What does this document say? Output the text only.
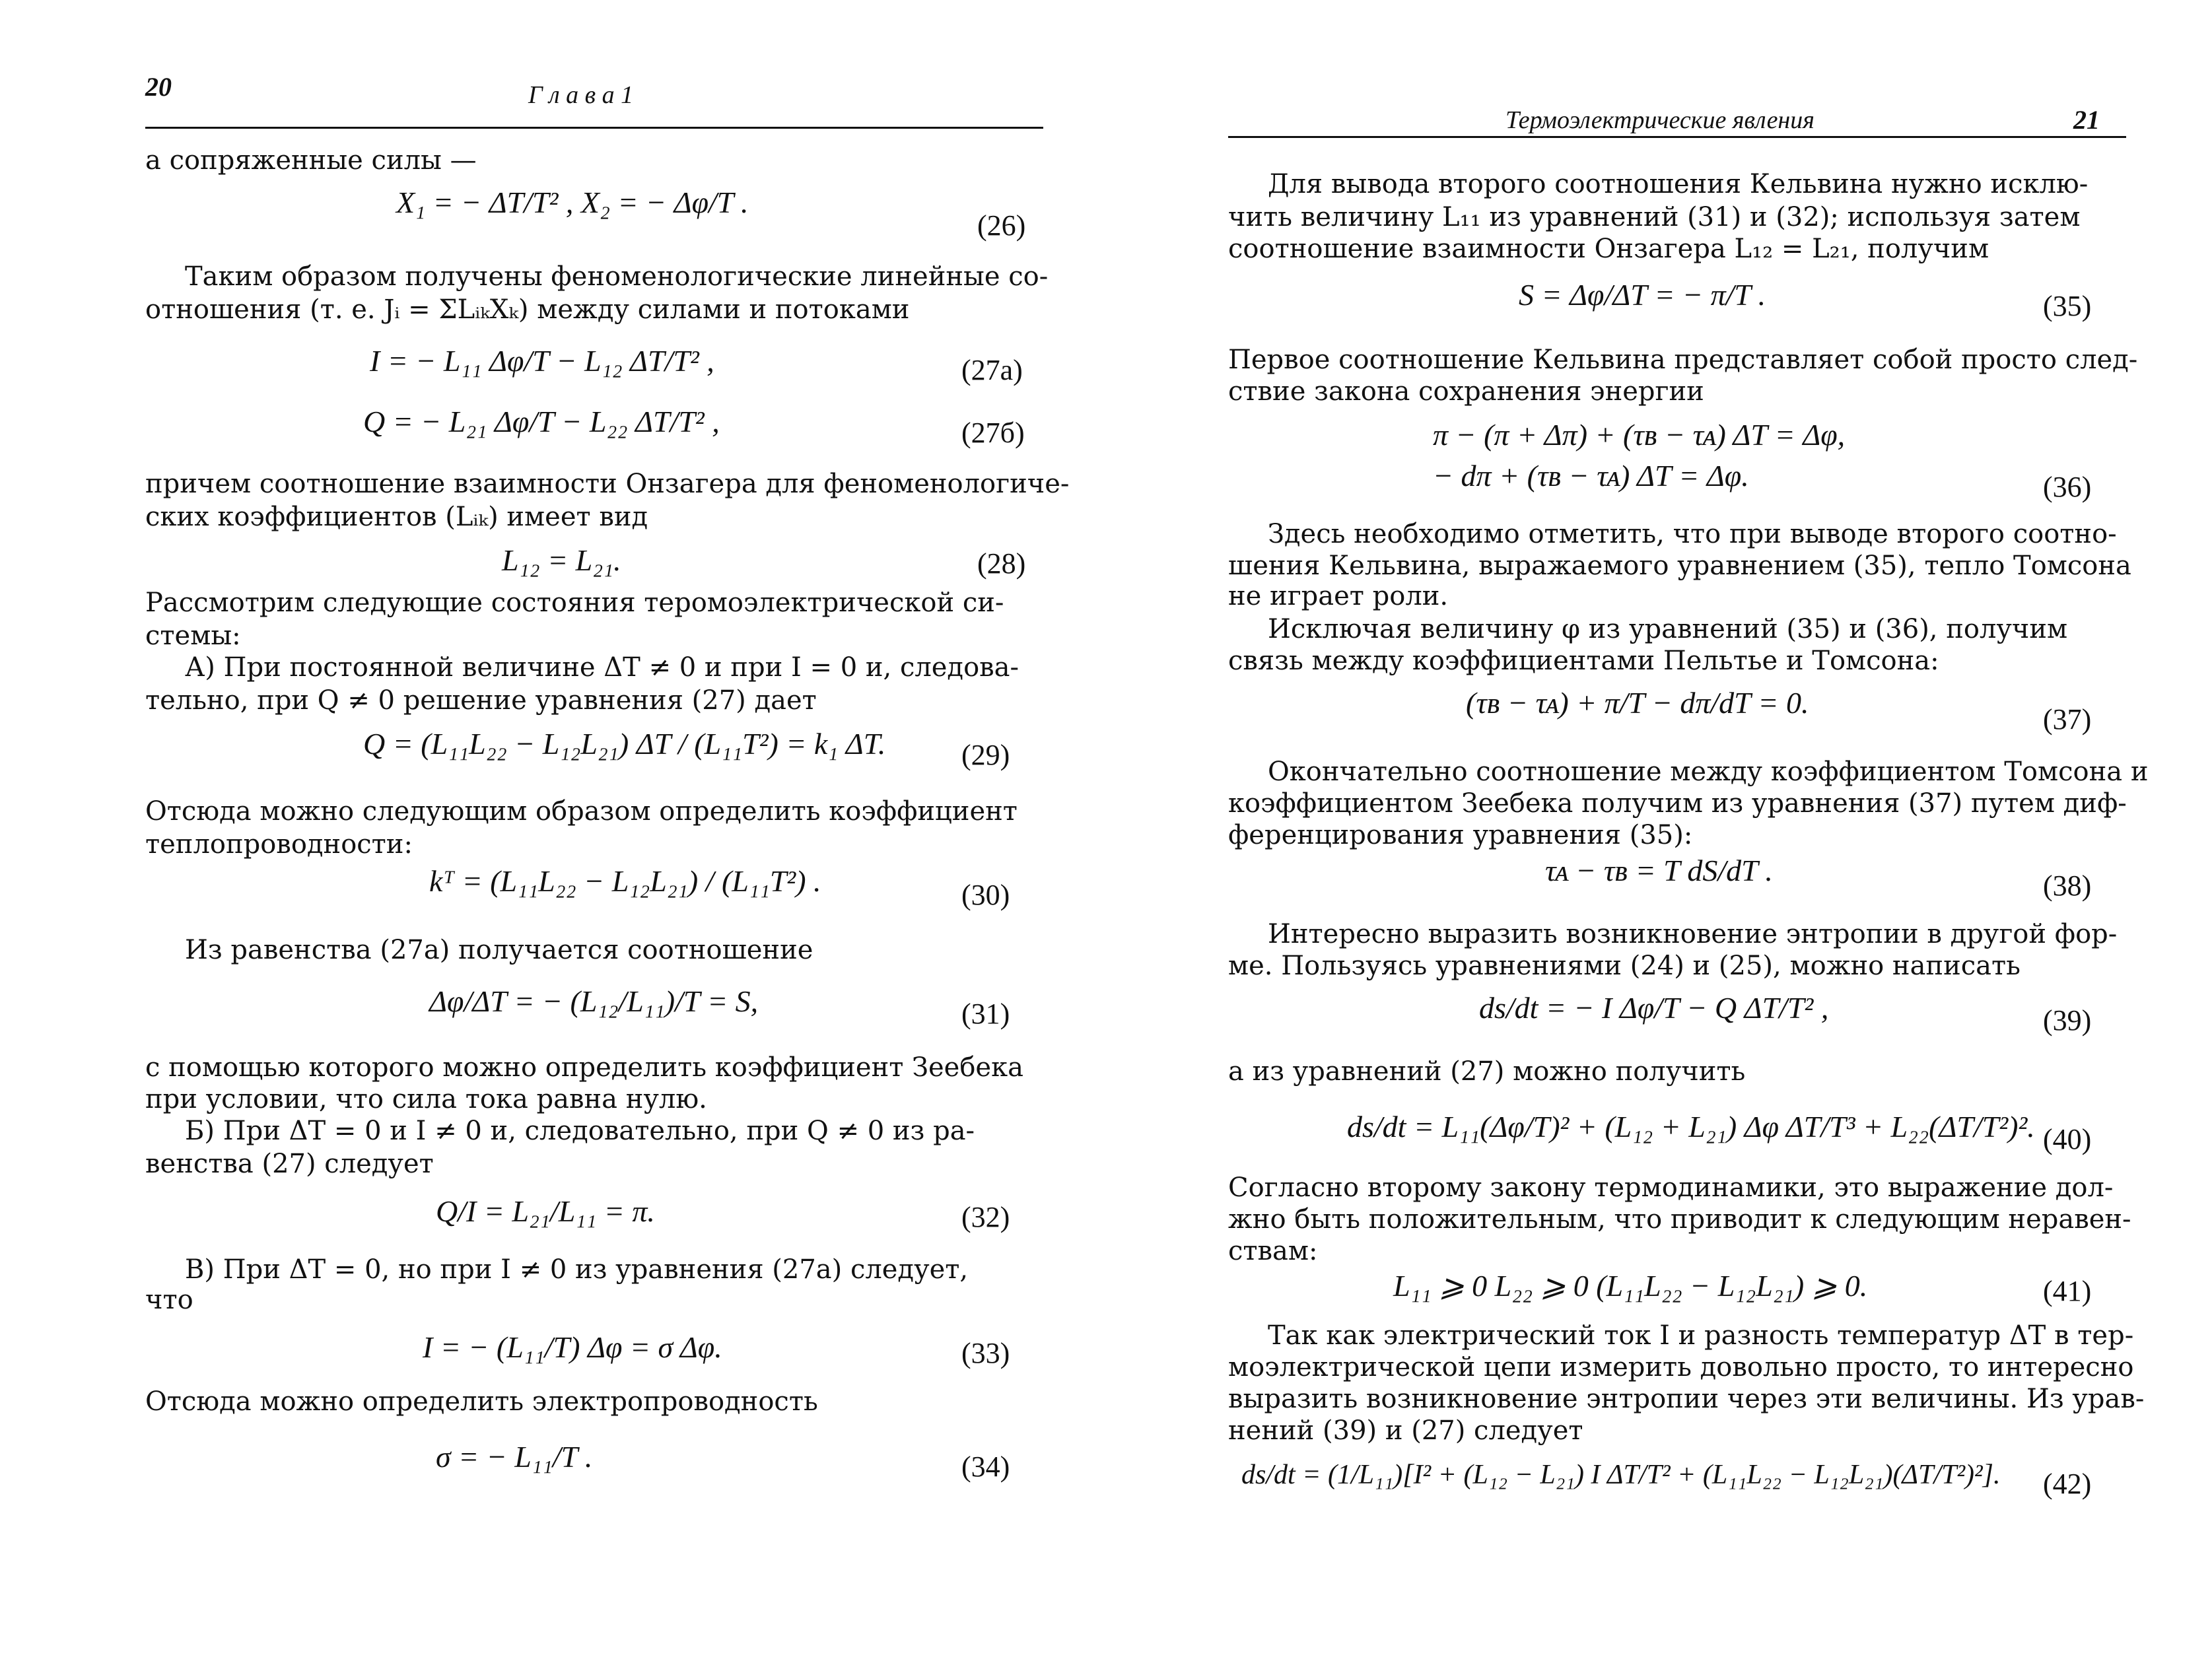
20	Г л а в а 1
а сопряженные силы —
X₁ = − ΔT/T² , X₂ = − Δφ/T .
(26)
Таким образом получены феноменологические линейные со-
отношения (т. е. Jᵢ = ΣLᵢₖXₖ) между силами и потоками
I = − L₁₁ Δφ/T − L₁₂ ΔT/T² ,	(27а)
Q = − L₂₁ Δφ/T − L₂₂ ΔT/T² ,	(27б)
причем соотношение взаимности Онзагера для феноменологиче-
ских коэффициентов (Lᵢₖ) имеет вид
L₁₂ = L₂₁.	(28)
Рассмотрим следующие состояния теромоэлектрической си-
стемы:
А) При постоянной величине ΔT ≠ 0 и при I = 0 и, следова-
тельно, при Q ≠ 0 решение уравнения (27) дает
Q = (L₁₁L₂₂ − L₁₂L₂₁) ΔT / (L₁₁T²) = k₁ ΔT.	(29)
Отсюда можно следующим образом определить коэффициент
теплопроводности:
kᵀ = (L₁₁L₂₂ − L₁₂L₂₁) / (L₁₁T²) .	(30)
Из равенства (27а) получается соотношение
Δφ/ΔT = − (L₁₂/L₁₁)/T = S,	(31)
с помощью которого можно определить коэффициент Зеебека
при условии, что сила тока равна нулю.
Б) При ΔT = 0 и I ≠ 0 и, следовательно, при Q ≠ 0 из ра-
венства (27) следует
Q/I = L₂₁/L₁₁ = π.	(32)
В) При ΔT = 0, но при I ≠ 0 из уравнения (27а) следует,
что
I = − (L₁₁/T) Δφ = σ Δφ.	(33)
Отсюда можно определить электропроводность
σ = − L₁₁/T .	(34)
Термоэлектрические явления	21
Для вывода второго соотношения Кельвина нужно исклю-
чить величину L₁₁ из уравнений (31) и (32); используя затем
соотношение взаимности Онзагера L₁₂ = L₂₁, получим
S = Δφ/ΔT = − π/T .	(35)
Первое соотношение Кельвина представляет собой просто след-
ствие закона сохранения энергии
π − (π + Δπ) + (τʙ − τᴀ) ΔT = Δφ,
− dπ + (τʙ − τᴀ) ΔT = Δφ.	(36)
Здесь необходимо отметить, что при выводе второго соотно-
шения Кельвина, выражаемого уравнением (35), тепло Томсона
не играет роли.
Исключая величину φ из уравнений (35) и (36), получим
связь между коэффициентами Пельтье и Томсона:
(τʙ − τᴀ) + π/T − dπ/dT = 0.	(37)
Окончательно соотношение между коэффициентом Томсона и
коэффициентом Зеебека получим из уравнения (37) путем диф-
ференцирования уравнения (35):
τᴀ − τʙ = T dS/dT .	(38)
Интересно выразить возникновение энтропии в другой фор-
ме. Пользуясь уравнениями (24) и (25), можно написать
ds/dt = − I Δφ/T − Q ΔT/T² ,	(39)
а из уравнений (27) можно получить
ds/dt = L₁₁(Δφ/T)² + (L₁₂ + L₂₁) Δφ ΔT/T³ + L₂₂(ΔT/T²)². (40)
Согласно второму закону термодинамики, это выражение дол-
жно быть положительным, что приводит к следующим неравен-
ствам:
L₁₁ ⩾ 0 L₂₂ ⩾ 0 (L₁₁L₂₂ − L₁₂L₂₁) ⩾ 0.	(41)
Так как электрический ток I и разность температур ΔT в тер-
моэлектрической цепи измерить довольно просто, то интересно
выразить возникновение энтропии через эти величины. Из урав-
нений (39) и (27) следует
ds/dt = (1/L₁₁)[I² + (L₁₂ − L₂₁) I ΔT/T² + (L₁₁L₂₂ − L₁₂L₂₁)(ΔT/T²)²]. (42)
